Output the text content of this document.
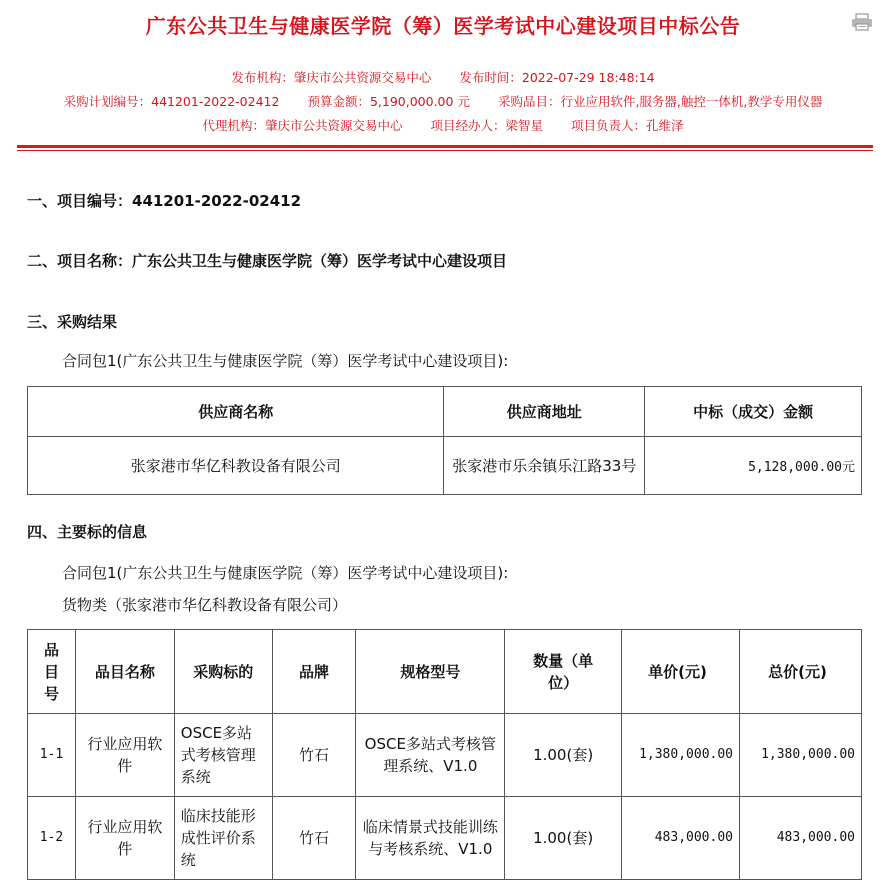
广东公共卫生与健康医学院（筹）医学考试中心建设项目中标公告
发布机构：肇庆市公共资源交易中心 发布时间：2022-07-29 18:48:14
采购计划编号：441201-2022-02412 预算金额：5,190,000.00 元 采购品目：行业应用软件,服务器,触控一体机,教学专用仪器
代理机构：肇庆市公共资源交易中心 项目经办人：梁智星 项目负责人：孔维泽
一、项目编号：441201-2022-02412
二、项目名称：广东公共卫生与健康医学院（筹）医学考试中心建设项目
三、采购结果
合同包1(广东公共卫生与健康医学院（筹）医学考试中心建设项目):
供应商名称	供应商地址	中标（成交）金额
张家港市华亿科教设备有限公司	张家港市乐余镇乐江路33号	5,128,000.00元
四、主要标的信息
合同包1(广东公共卫生与健康医学院（筹）医学考试中心建设项目):
货物类（张家港市华亿科教设备有限公司）
品目号	品目名称	采购标的	品牌	规格型号	数量（单位）	单价(元)	总价(元)
1-1	行业应用软件	OSCE多站式考核管理系统	竹石	OSCE多站式考核管理系统、V1.0	1.00(套)	1,380,000.00	1,380,000.00
1-2	行业应用软件	临床技能形成性评价系统	竹石	临床情景式技能训练与考核系统、V1.0	1.00(套)	483,000.00	483,000.00
